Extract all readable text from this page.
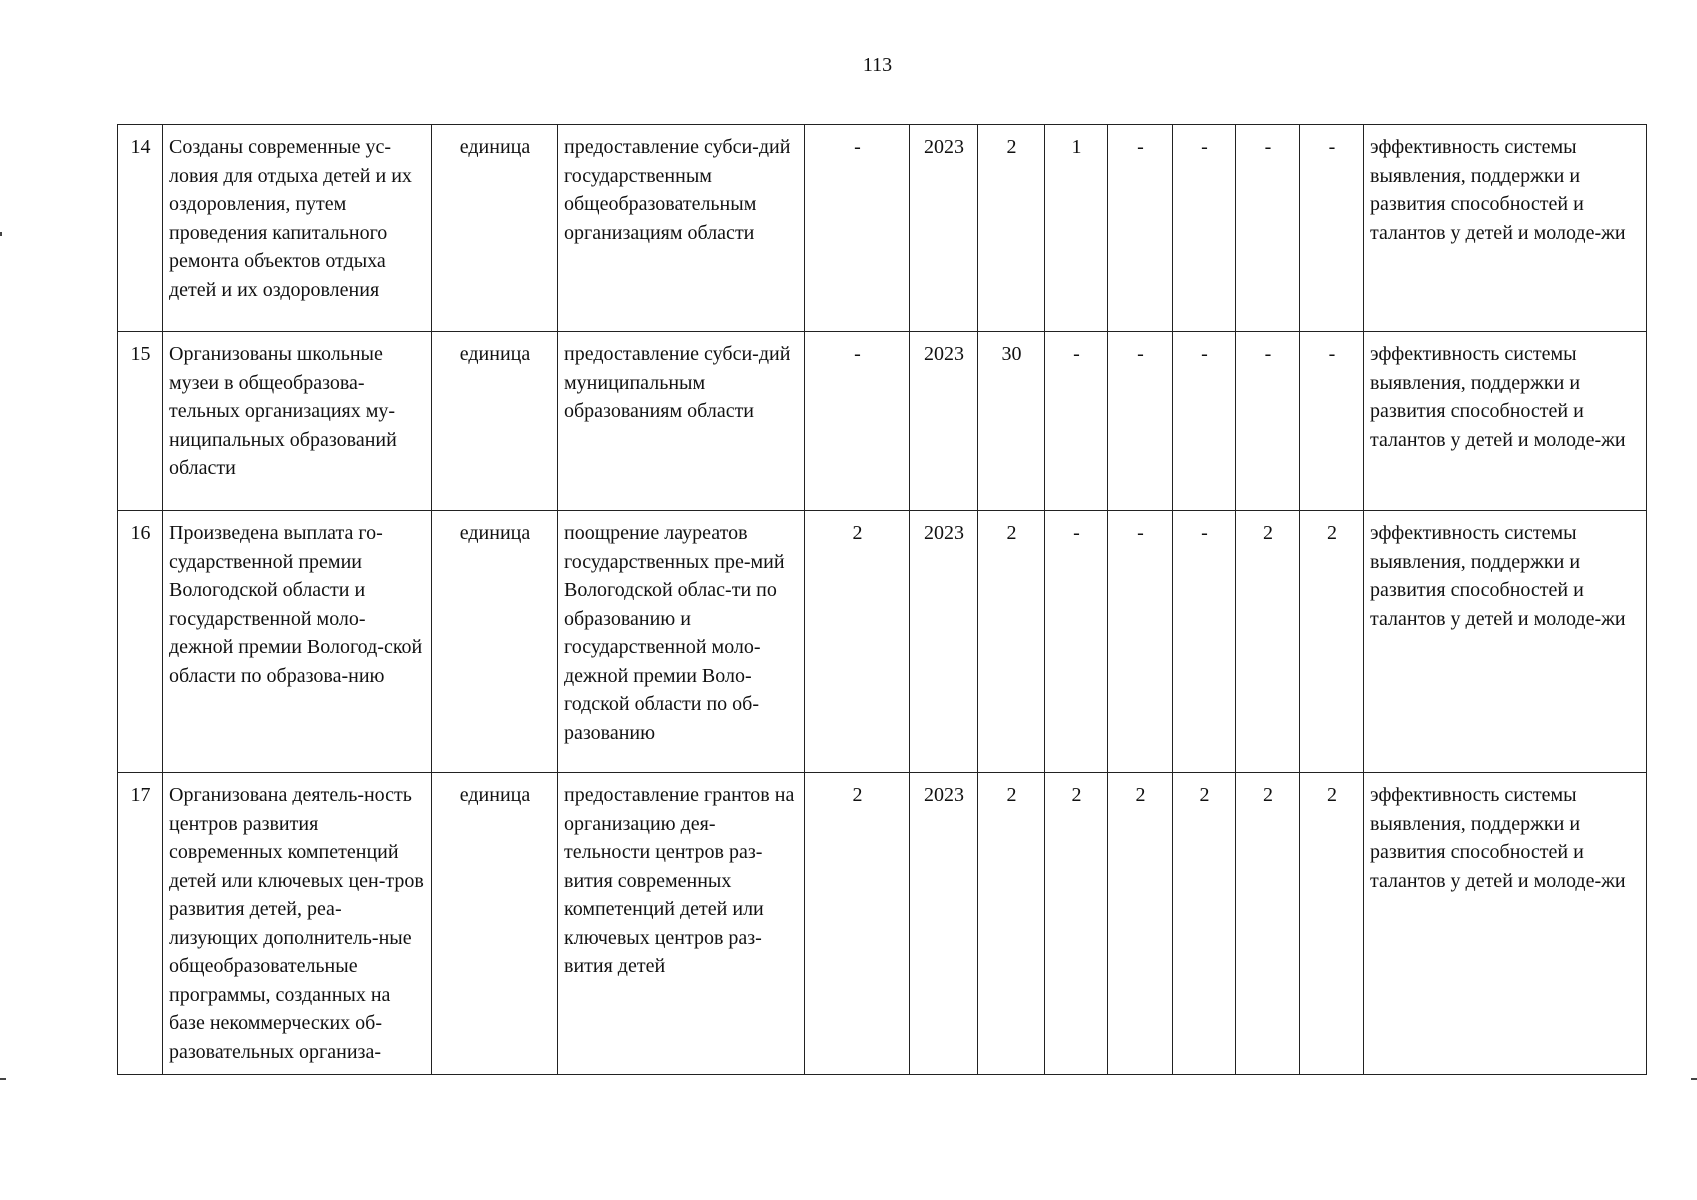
113
14	Созданы современные ус-ловия для отдыха детей и их оздоровления, путем проведения капитального ремонта объектов отдыха детей и их оздоровления	единица	предоставление субси-дий государственным общеобразовательным организациям области	-	2023	2	1	-	-	-	-	эффективность системы выявления, поддержки и развития способностей и талантов у детей и молоде-жи
15	Организованы школьные музеи в общеобразова-тельных организациях му-ниципальных образований области	единица	предоставление субси-дий муниципальным образованиям области	-	2023	30	-	-	-	-	-	эффективность системы выявления, поддержки и развития способностей и талантов у детей и молоде-жи
16	Произведена выплата го-сударственной премии Вологодской области и государственной моло-дежной премии Вологод-ской области по образова-нию	единица	поощрение лауреатов государственных пре-мий Вологодской облас-ти по образованию и государственной моло-дежной премии Воло-годской области по об-разованию	2	2023	2	-	-	-	2	2	эффективность системы выявления, поддержки и развития способностей и талантов у детей и молоде-жи
17	Организована деятель-ность центров развития современных компетенций детей или ключевых цен-тров развития детей, реа-лизующих дополнитель-ные общеобразовательные программы, созданных на базе некоммерческих об-разовательных организа-	единица	предоставление грантов на организацию дея-тельности центров раз-вития современных компетенций детей или ключевых центров раз-вития детей	2	2023	2	2	2	2	2	2	эффективность системы выявления, поддержки и развития способностей и талантов у детей и молоде-жи
